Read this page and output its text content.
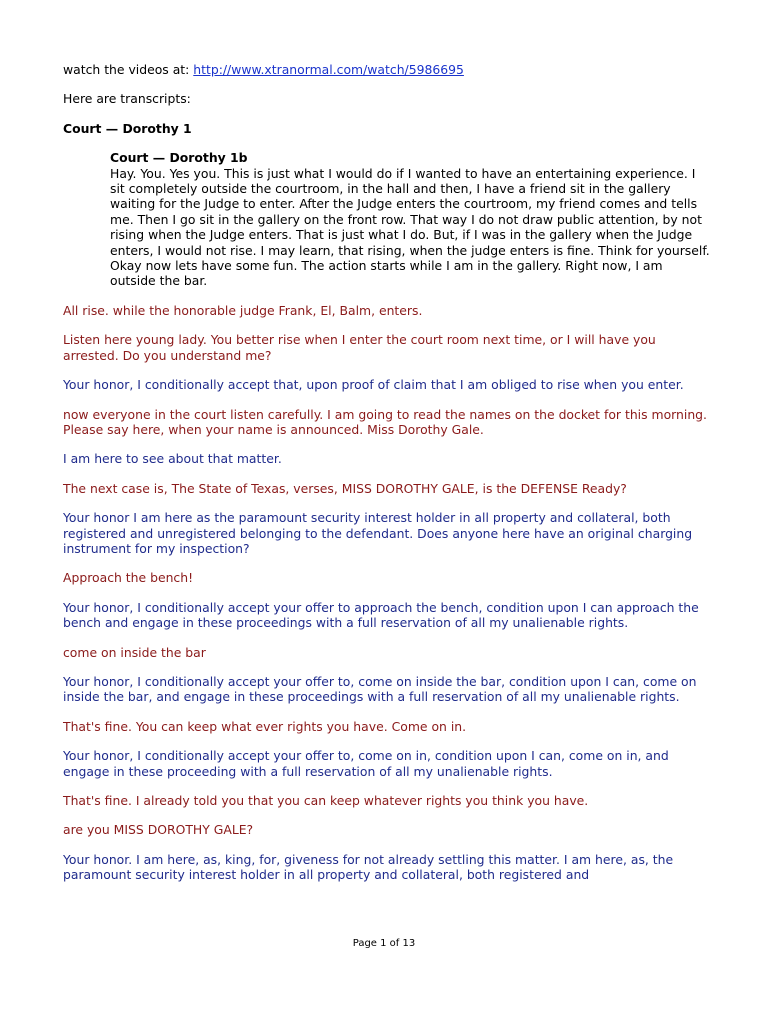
watch the videos at: http://www.xtranormal.com/watch/5986695

Here are transcripts:

Court — Dorothy 1

Court — Dorothy 1b

Hay. You. Yes you. This is just what I would do if I wanted to have an entertaining experience. I sit completely outside the courtroom, in the hall and then, I have a friend sit in the gallery waiting for the Judge to enter. After the Judge enters the courtroom, my friend comes and tells me. Then I go sit in the gallery on the front row. That way I do not draw public attention, by not rising when the Judge enters. That is just what I do. But, if I was in the gallery when the Judge enters, I would not rise. I may learn, that rising, when the judge enters is fine. Think for yourself. Okay now lets have some fun. The action starts while I am in the gallery. Right now, I am outside the bar.

All rise. while the honorable judge Frank, El, Balm, enters.

Listen here young lady. You better rise when I enter the court room next time, or I will have you arrested. Do you understand me?

Your honor, I conditionally accept that, upon proof of claim that I am obliged to rise when you enter.

now everyone in the court listen carefully. I am going to read the names on the docket for this morning. Please say here, when your name is announced. Miss Dorothy Gale.

I am here to see about that matter.

The next case is, The State of Texas, verses, MISS DOROTHY GALE, is the DEFENSE Ready?

Your honor I am here as the paramount security interest holder in all property and collateral, both registered and unregistered belonging to the defendant. Does anyone here have an original charging instrument for my inspection?

Approach the bench!

Your honor, I conditionally accept your offer to approach the bench, condition upon I can approach the bench and engage in these proceedings with a full reservation of all my unalienable rights.

come on inside the bar

Your honor, I conditionally accept your offer to, come on inside the bar, condition upon I can, come on inside the bar, and engage in these proceedings with a full reservation of all my unalienable rights.

That's fine. You can keep what ever rights you have. Come on in.

Your honor, I conditionally accept your offer to, come on in, condition upon I can, come on in, and engage in these proceeding with a full reservation of all my unalienable rights.

That's fine. I already told you that you can keep whatever rights you think you have.

are you MISS DOROTHY GALE?

Your honor. I am here, as, king, for, giveness for not already settling this matter. I am here, as, the paramount security interest holder in all property and collateral, both registered and

Page 1 of 13
